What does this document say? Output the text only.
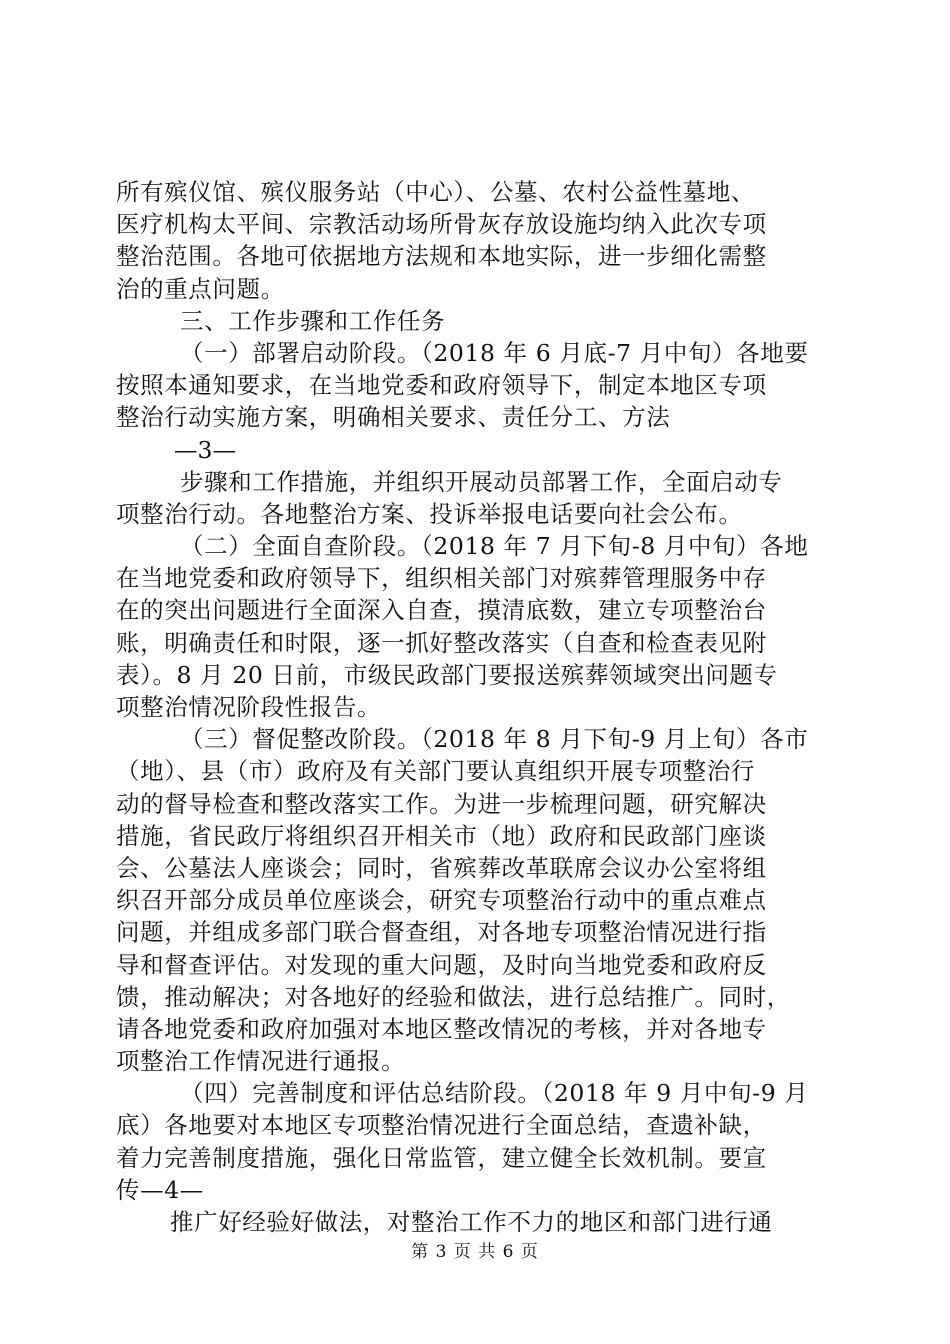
所有殡仪馆、殡仪服务站（中心）、公墓、农村公益性墓地、
医疗机构太平间、宗教活动场所骨灰存放设施均纳入此次专项
整治范围。各地可依据地方法规和本地实际，进一步细化需整
治的重点问题。
三、工作步骤和工作任务
（一）部署启动阶段。（2018 年 6 月底-7 月中旬）各地要
按照本通知要求，在当地党委和政府领导下，制定本地区专项
整治行动实施方案，明确相关要求、责任分工、方法
—3—
步骤和工作措施，并组织开展动员部署工作，全面启动专
项整治行动。各地整治方案、投诉举报电话要向社会公布。
（二）全面自查阶段。（2018 年 7 月下旬-8 月中旬）各地
在当地党委和政府领导下，组织相关部门对殡葬管理服务中存
在的突出问题进行全面深入自查，摸清底数，建立专项整治台
账，明确责任和时限，逐一抓好整改落实（自查和检查表见附
表）。8 月 20 日前，市级民政部门要报送殡葬领域突出问题专
项整治情况阶段性报告。
（三）督促整改阶段。（2018 年 8 月下旬-9 月上旬）各市
（地）、县（市）政府及有关部门要认真组织开展专项整治行
动的督导检查和整改落实工作。为进一步梳理问题，研究解决
措施，省民政厅将组织召开相关市（地）政府和民政部门座谈
会、公墓法人座谈会；同时，省殡葬改革联席会议办公室将组
织召开部分成员单位座谈会，研究专项整治行动中的重点难点
问题，并组成多部门联合督查组，对各地专项整治情况进行指
导和督查评估。对发现的重大问题，及时向当地党委和政府反
馈，推动解决；对各地好的经验和做法，进行总结推广。同时，
请各地党委和政府加强对本地区整改情况的考核，并对各地专
项整治工作情况进行通报。
（四）完善制度和评估总结阶段。（2018 年 9 月中旬-9 月
底）各地要对本地区专项整治情况进行全面总结，查遗补缺，
着力完善制度措施，强化日常监管，建立健全长效机制。要宣
传—4—
推广好经验好做法，对整治工作不力的地区和部门进行通
第 3 页 共 6 页
